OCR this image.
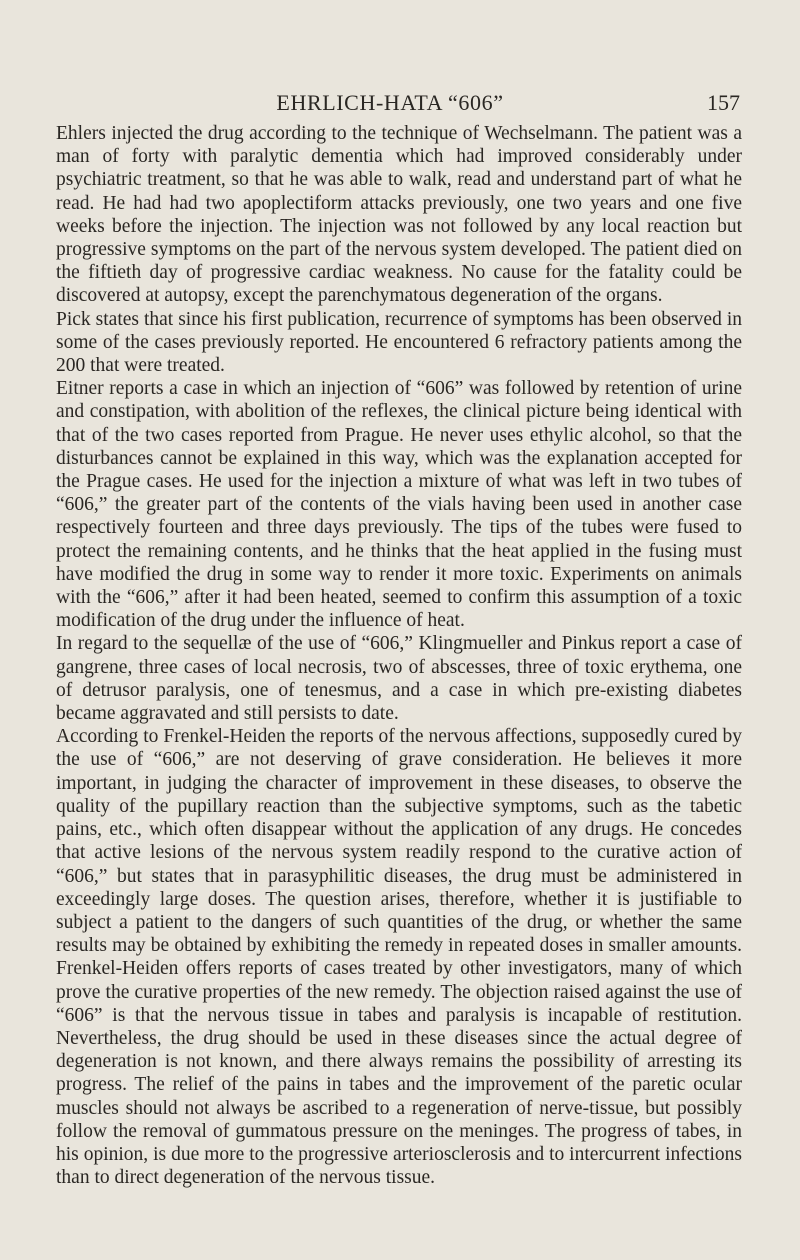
EHRLICH-HATA “606”	157

Ehlers injected the drug according to the technique of Wechselmann. The patient was a man of forty with paralytic dementia which had improved considerably under psychiatric treatment, so that he was able to walk, read and understand part of what he read. He had had two apoplectiform attacks previously, one two years and one five weeks before the injection. The injection was not followed by any local reaction but progressive symptoms on the part of the nervous system developed. The patient died on the fiftieth day of progressive cardiac weakness. No cause for the fatality could be discovered at autopsy, except the parenchymatous degeneration of the organs.

Pick states that since his first publication, recurrence of symptoms has been observed in some of the cases previously reported. He encountered 6 refractory patients among the 200 that were treated.

Eitner reports a case in which an injection of “606” was followed by retention of urine and constipation, with abolition of the reflexes, the clinical picture being identical with that of the two cases reported from Prague. He never uses ethylic alcohol, so that the disturbances cannot be explained in this way, which was the explanation accepted for the Prague cases. He used for the injection a mixture of what was left in two tubes of “606,” the greater part of the contents of the vials having been used in another case respectively fourteen and three days previously. The tips of the tubes were fused to protect the remaining contents, and he thinks that the heat applied in the fusing must have modified the drug in some way to render it more toxic. Experiments on animals with the “606,” after it had been heated, seemed to confirm this assumption of a toxic modification of the drug under the influence of heat.

In regard to the sequellæ of the use of “606,” Klingmueller and Pinkus report a case of gangrene, three cases of local necrosis, two of abscesses, three of toxic erythema, one of detrusor paralysis, one of tenesmus, and a case in which pre-existing diabetes became aggravated and still persists to date.

According to Frenkel-Heiden the reports of the nervous affections, supposedly cured by the use of “606,” are not deserving of grave consideration. He believes it more important, in judging the character of improvement in these diseases, to observe the quality of the pupillary reaction than the subjective symptoms, such as the tabetic pains, etc., which often disappear without the application of any drugs. He concedes that active lesions of the nervous system readily respond to the curative action of “606,” but states that in parasyphilitic diseases, the drug must be administered in exceedingly large doses. The question arises, therefore, whether it is justifiable to subject a patient to the dangers of such quantities of the drug, or whether the same results may be obtained by exhibiting the remedy in repeated doses in smaller amounts. Frenkel-Heiden offers reports of cases treated by other investigators, many of which prove the curative properties of the new remedy. The objection raised against the use of “606” is that the nervous tissue in tabes and paralysis is incapable of restitution. Nevertheless, the drug should be used in these diseases since the actual degree of degeneration is not known, and there always remains the possibility of arresting its progress. The relief of the pains in tabes and the improvement of the paretic ocular muscles should not always be ascribed to a regeneration of nerve-tissue, but possibly follow the removal of gummatous pressure on the meninges. The progress of tabes, in his opinion, is due more to the progressive arteriosclerosis and to intercurrent infections than to direct degeneration of the nervous tissue.
